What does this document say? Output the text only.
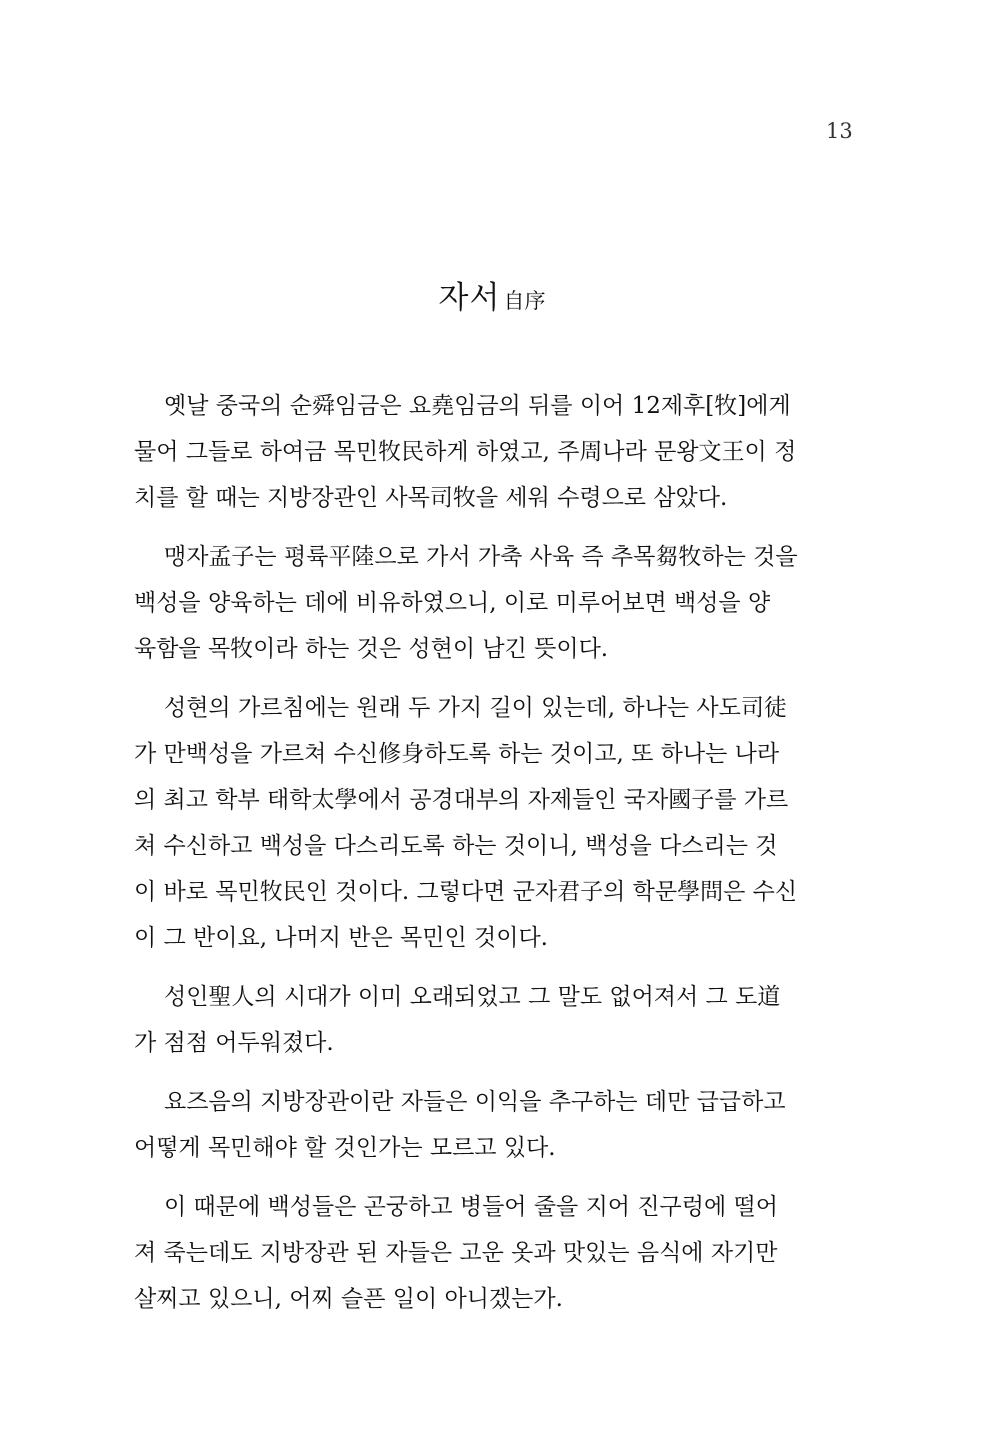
13
자서 自序
옛날 중국의 순舜임금은 요堯임금의 뒤를 이어 12제후[牧]에게
물어 그들로 하여금 목민牧民하게 하였고, 주周나라 문왕文王이 정
치를 할 때는 지방장관인 사목司牧을 세워 수령으로 삼았다.
맹자孟子는 평륙平陸으로 가서 가축 사육 즉 추목芻牧하는 것을
백성을 양육하는 데에 비유하였으니, 이로 미루어보면 백성을 양
육함을 목牧이라 하는 것은 성현이 남긴 뜻이다.
성현의 가르침에는 원래 두 가지 길이 있는데, 하나는 사도司徒
가 만백성을 가르쳐 수신修身하도록 하는 것이고, 또 하나는 나라
의 최고 학부 태학太學에서 공경대부의 자제들인 국자國子를 가르
쳐 수신하고 백성을 다스리도록 하는 것이니, 백성을 다스리는 것
이 바로 목민牧民인 것이다. 그렇다면 군자君子의 학문學問은 수신
이 그 반이요, 나머지 반은 목민인 것이다.
성인聖人의 시대가 이미 오래되었고 그 말도 없어져서 그 도道
가 점점 어두워졌다.
요즈음의 지방장관이란 자들은 이익을 추구하는 데만 급급하고
어떻게 목민해야 할 것인가는 모르고 있다.
이 때문에 백성들은 곤궁하고 병들어 줄을 지어 진구렁에 떨어
져 죽는데도 지방장관 된 자들은 고운 옷과 맛있는 음식에 자기만
살찌고 있으니, 어찌 슬픈 일이 아니겠는가.
